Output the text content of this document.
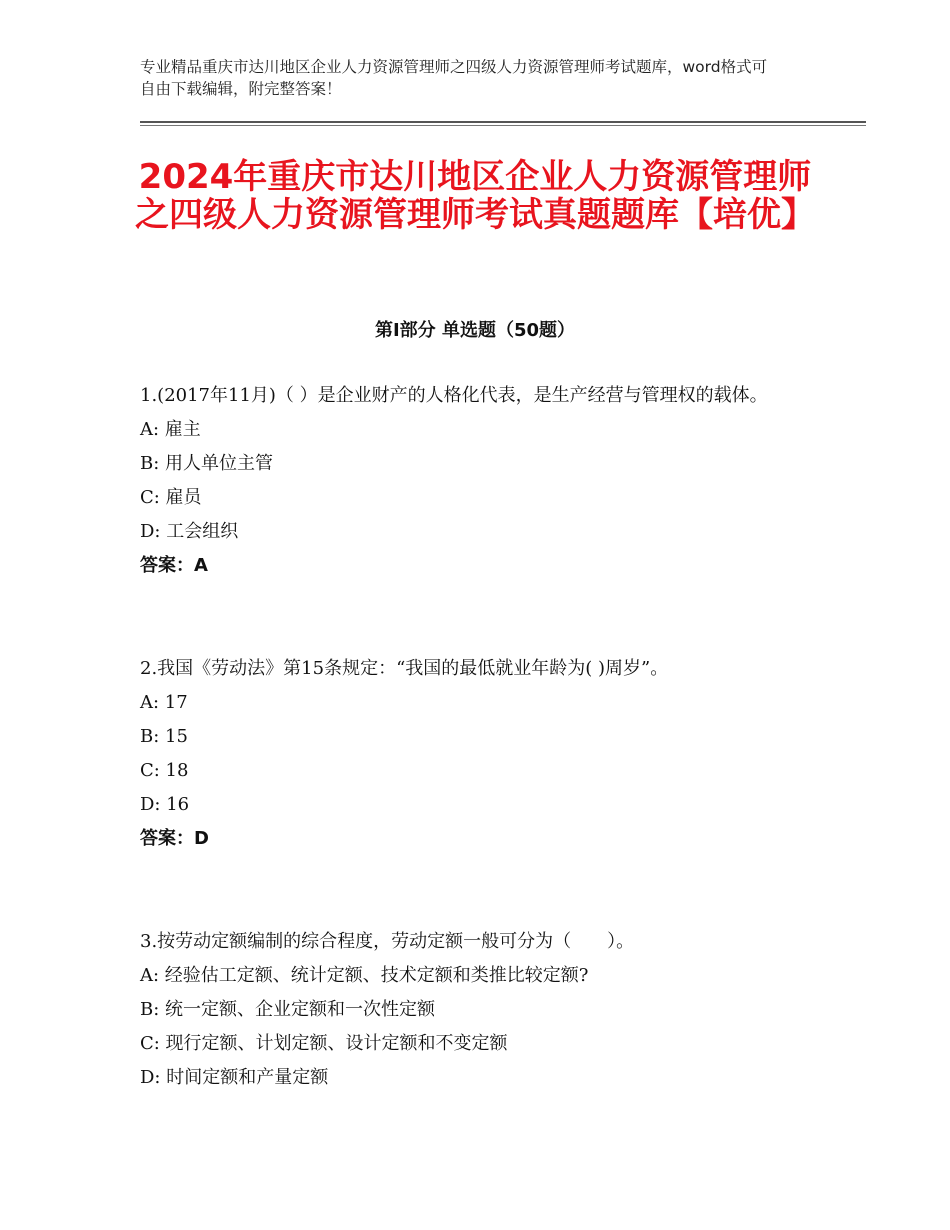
专业精品重庆市达川地区企业人力资源管理师之四级人力资源管理师考试题库，word格式可自由下载编辑，附完整答案！
2024年重庆市达川地区企业人力资源管理师之四级人力资源管理师考试真题题库【培优】
第Ⅰ部分 单选题（50题）
1.(2017年11月)（ ）是企业财产的人格化代表，是生产经营与管理权的载体。
A: 雇主
B: 用人单位主管
C: 雇员
D: 工会组织
答案：A
2.我国《劳动法》第15条规定：“我国的最低就业年龄为( )周岁”。
A: 17
B: 15
C: 18
D: 16
答案：D
3.按劳动定额编制的综合程度，劳动定额一般可分为（　　）。
A: 经验估工定额、统计定额、技术定额和类推比较定额?
B: 统一定额、企业定额和一次性定额
C: 现行定额、计划定额、设计定额和不变定额
D: 时间定额和产量定额
